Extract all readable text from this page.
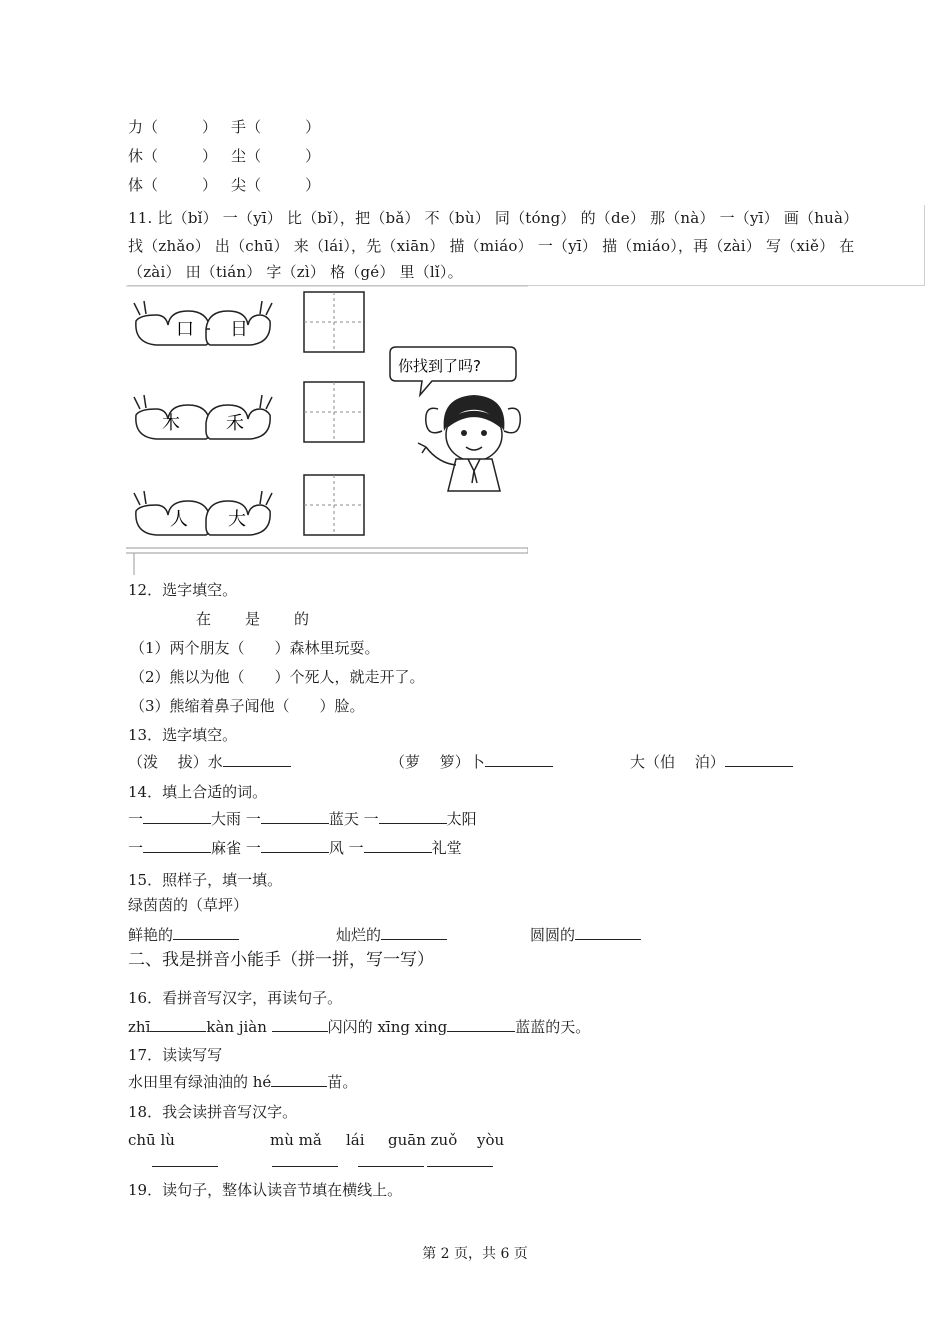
力（	） 手（	）
休（	） 尘（	）
体（	） 尖（	）
11. 比（bǐ） 一（yī） 比（bǐ），把（bǎ） 不（bù） 同（tóng） 的（de） 那（nà） 一（yī） 画（huà）
找（zhǎo） 出（chū） 来（lái），先（xiān） 描（miáo） 一（yī） 描（miáo），再（zài） 写（xiě） 在
（zài） 田（tián） 字（zì） 格（gé） 里（lǐ）。
口 日
木	禾
人 大
你找到了吗?
12．选字填空。
在 是 的
（1）两个朋友（ ）森林里玩耍。
（2）熊以为他（ ）个死人，就走开了。
（3）熊缩着鼻子闻他（ ）脸。
13．选字填空。
（泼　 拔）水	（萝　 箩）卜	大（伯　 泊）
14．填上合适的词。
一	大雨 一	蓝天 一	太阳
一	麻雀 一	风 一	礼堂
15．照样子，填一填。
绿茵茵的（草坪）
鲜艳的	灿烂的	圆圆的
二、我是拼音小能手（拼一拼，写一写）
16．看拼音写汉字，再读句子。
zhī	kàn jiàn	闪闪的 xīng xing	蓝蓝的天。
17．读读写写
水田里有绿油油的 hé	苗。
18．我会读拼音写汉字。
chū lù	mù mǎ lái guān zuǒ yòu
19．读句子，整体认读音节填在横线上。
第 2 页，共 6 页
